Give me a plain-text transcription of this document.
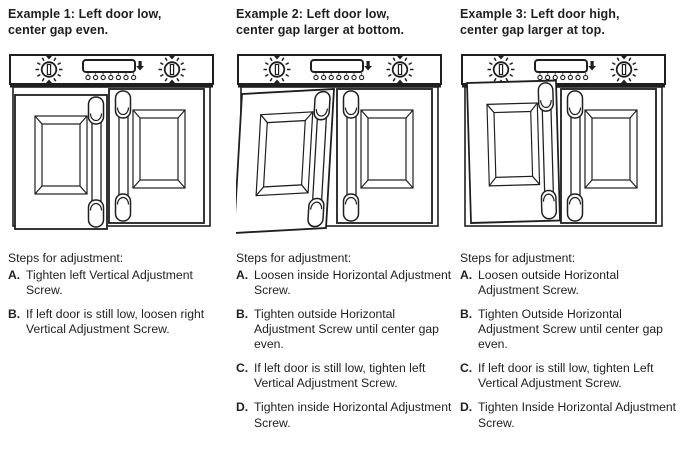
Example 1: Left door low,
center gap even.
Steps for adjustment:
A. Tighten left Vertical Adjustment Screw.
B. If left door is still low, loosen right Vertical Adjustment Screw.
Example 2: Left door low,
center gap larger at bottom.
Steps for adjustment:
A. Loosen inside Horizontal Adjustment Screw.
B. Tighten outside Horizontal Adjustment Screw until center gap even.
C. If left door is still low, tighten left Vertical Adjustment Screw.
D. Tighten inside Horizontal Adjustment Screw.
Example 3: Left door high,
center gap larger at top.
Steps for adjustment:
A. Loosen outside Horizontal Adjustment Screw.
B. Tighten Outside Horizontal Adjustment Screw until center gap even.
C. If left door is still low, tighten Left Vertical Adjustment Screw.
D. Tighten Inside Horizontal Adjustment Screw.
